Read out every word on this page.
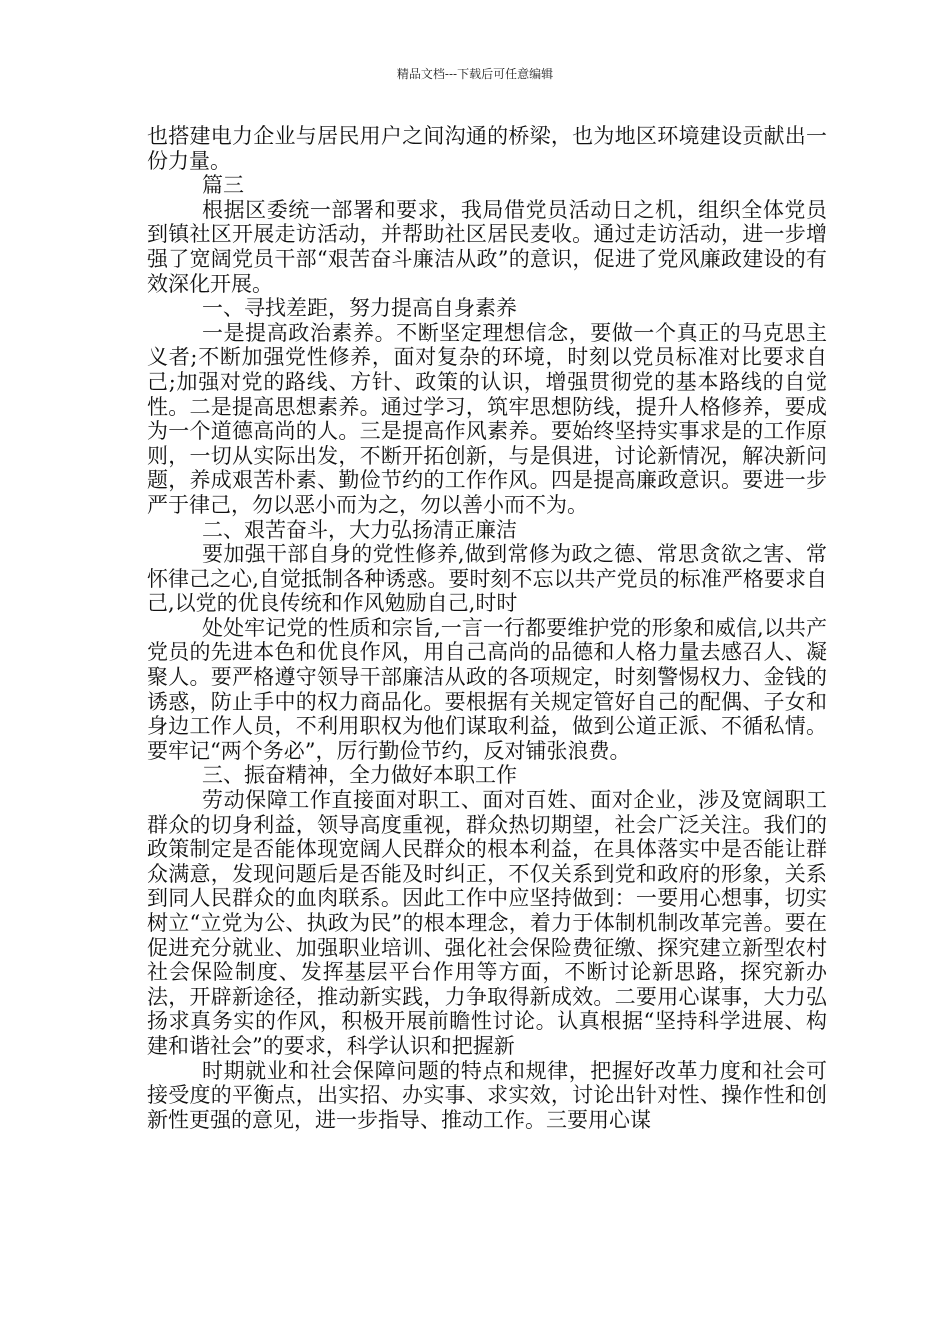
精品文档---下载后可任意编辑

也搭建电力企业与居民用户之间沟通的桥梁，也为地区环境建设贡献出一份力量。

篇三

根据区委统一部署和要求，我局借党员活动日之机，组织全体党员到镇社区开展走访活动，并帮助社区居民麦收。通过走访活动，进一步增强了宽阔党员干部“艰苦奋斗廉洁从政”的意识，促进了党风廉政建设的有效深化开展。

一、寻找差距，努力提高自身素养

一是提高政治素养。不断坚定理想信念，要做一个真正的马克思主义者;不断加强党性修养，面对复杂的环境，时刻以党员标准对比要求自己;加强对党的路线、方针、政策的认识，增强贯彻党的基本路线的自觉性。二是提高思想素养。通过学习，筑牢思想防线，提升人格修养，要成为一个道德高尚的人。三是提高作风素养。要始终坚持实事求是的工作原则，一切从实际出发，不断开拓创新，与是俱进，讨论新情况，解决新问题，养成艰苦朴素、勤俭节约的工作作风。四是提高廉政意识。要进一步严于律己，勿以恶小而为之，勿以善小而不为。

二、艰苦奋斗，大力弘扬清正廉洁

要加强干部自身的党性修养,做到常修为政之德、常思贪欲之害、常怀律己之心,自觉抵制各种诱惑。要时刻不忘以共产党员的标准严格要求自己,以党的优良传统和作风勉励自己,时时

处处牢记党的性质和宗旨,一言一行都要维护党的形象和威信,以共产党员的先进本色和优良作风，用自己高尚的品德和人格力量去感召人、凝聚人。要严格遵守领导干部廉洁从政的各项规定，时刻警惕权力、金钱的诱惑，防止手中的权力商品化。要根据有关规定管好自己的配偶、子女和身边工作人员，不利用职权为他们谋取利益，做到公道正派、不循私情。要牢记“两个务必”，厉行勤俭节约，反对铺张浪费。

三、振奋精神，全力做好本职工作

劳动保障工作直接面对职工、面对百姓、面对企业，涉及宽阔职工群众的切身利益，领导高度重视，群众热切期望，社会广泛关注。我们的政策制定是否能体现宽阔人民群众的根本利益，在具体落实中是否能让群众满意，发现问题后是否能及时纠正，不仅关系到党和政府的形象，关系到同人民群众的血肉联系。因此工作中应坚持做到：一要用心想事，切实树立“立党为公、执政为民”的根本理念，着力于体制机制改革完善。要在促进充分就业、加强职业培训、强化社会保险费征缴、探究建立新型农村社会保险制度、发挥基层平台作用等方面，不断讨论新思路，探究新办法，开辟新途径，推动新实践，力争取得新成效。二要用心谋事，大力弘扬求真务实的作风，积极开展前瞻性讨论。认真根据“坚持科学进展、构建和谐社会”的要求，科学认识和把握新

时期就业和社会保障问题的特点和规律，把握好改革力度和社会可接受度的平衡点，出实招、办实事、求实效，讨论出针对性、操作性和创新性更强的意见，进一步指导、推动工作。三要用心谋
